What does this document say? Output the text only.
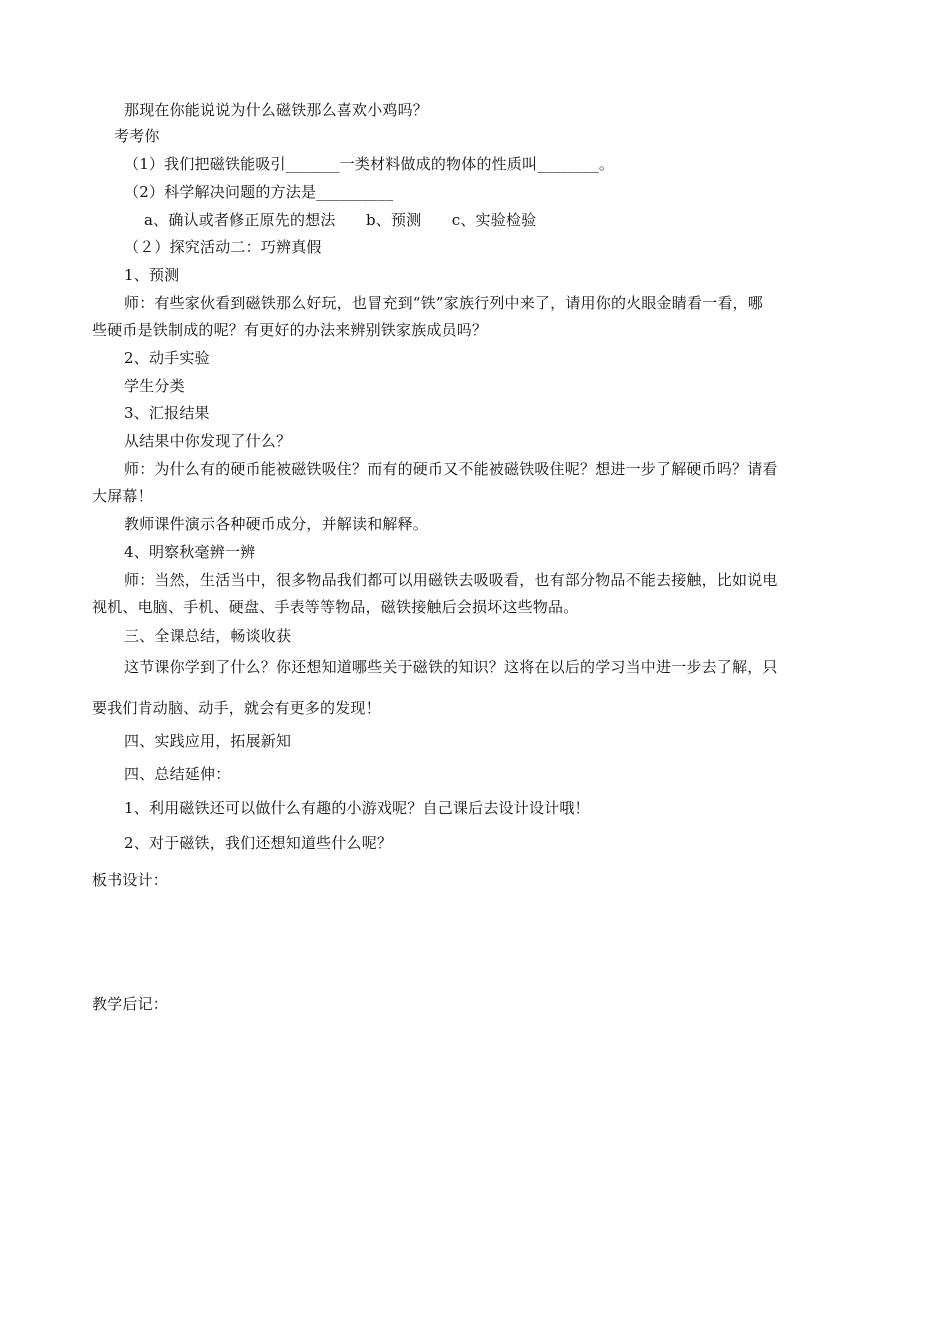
那现在你能说说为什么磁铁那么喜欢小鸡吗？
考考你
（1）我们把磁铁能吸引_______一类材料做成的物体的性质叫________。
（2）科学解决问题的方法是__________
a、确认或者修正原先的想法　　b、预测　　c、实验检验
（２）探究活动二：巧辨真假
1、预测
师：有些家伙看到磁铁那么好玩，也冒充到“铁”家族行列中来了，请用你的火眼金睛看一看，哪
些硬币是铁制成的呢？有更好的办法来辨别铁家族成员吗？
2、动手实验
学生分类
3、汇报结果
从结果中你发现了什么？
师：为什么有的硬币能被磁铁吸住？而有的硬币又不能被磁铁吸住呢？想进一步了解硬币吗？请看
大屏幕！
教师课件演示各种硬币成分，并解读和解释。
4、明察秋毫辨一辨
师：当然，生活当中，很多物品我们都可以用磁铁去吸吸看，也有部分物品不能去接触，比如说电
视机、电脑、手机、硬盘、手表等等物品，磁铁接触后会损坏这些物品。
三、全课总结，畅谈收获
这节课你学到了什么？你还想知道哪些关于磁铁的知识？这将在以后的学习当中进一步去了解，只
要我们肯动脑、动手，就会有更多的发现！
四、实践应用，拓展新知
四、总结延伸：
1、利用磁铁还可以做什么有趣的小游戏呢？自己课后去设计设计哦！
2、对于磁铁，我们还想知道些什么呢？
板书设计：
教学后记：
